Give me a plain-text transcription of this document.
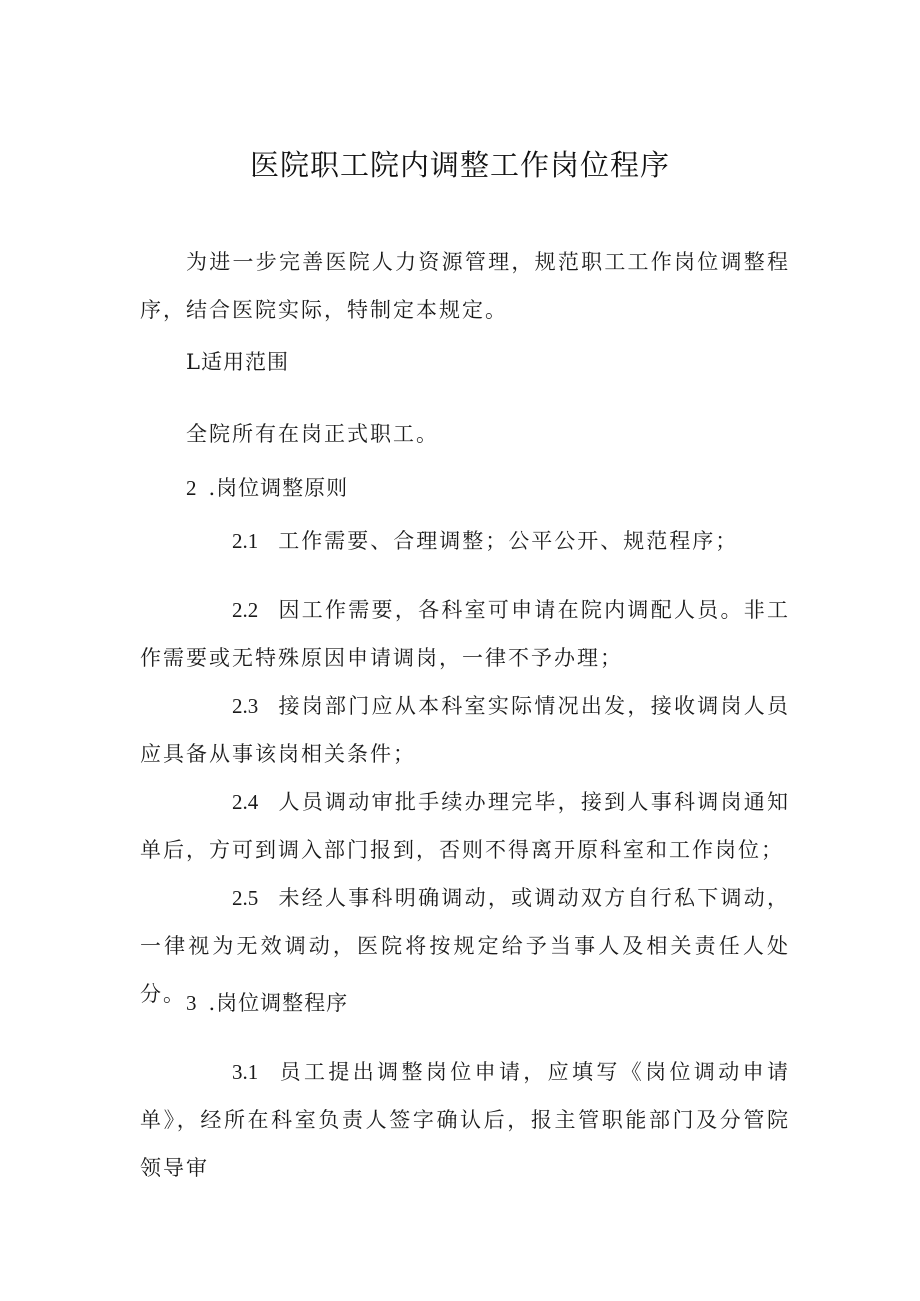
医院职工院内调整工作岗位程序

为进一步完善医院人力资源管理，规范职工工作岗位调整程序，结合医院实际，特制定本规定。

L适用范围

全院所有在岗正式职工。

2 .岗位调整原则

2.1 工作需要、合理调整；公平公开、规范程序；

2.2 因工作需要，各科室可申请在院内调配人员。非工作需要或无特殊原因申请调岗，一律不予办理；

2.3 接岗部门应从本科室实际情况出发，接收调岗人员应具备从事该岗相关条件；

2.4 人员调动审批手续办理完毕，接到人事科调岗通知单后，方可到调入部门报到，否则不得离开原科室和工作岗位；

2.5 未经人事科明确调动，或调动双方自行私下调动，一律视为无效调动，医院将按规定给予当事人及相关责任人处分。 3 .岗位调整程序

3.1 员工提出调整岗位申请，应填写《岗位调动申请单》，经所在科室负责人签字确认后，报主管职能部门及分管院领导审
